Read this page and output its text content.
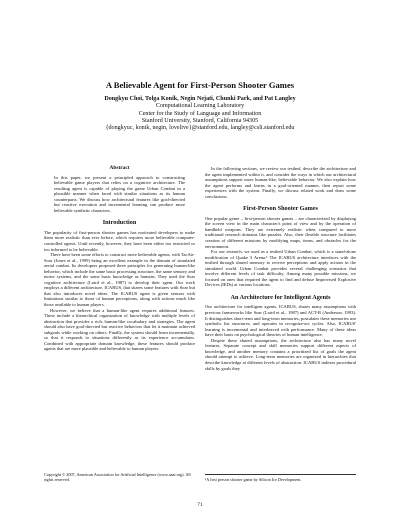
A Believable Agent for First-Person Shooter Games
Dongkyu Choi, Tolga Konik, Negin Nejati, Chunki Park, and Pat Langley
Computational Learning Laboratory
Center for the Study of Language and Information
Stanford University, Stanford, California 94305
{dongkyuc, konik, negin, lovelive}@stanford.edu, langley@csli.stanford.edu
Abstract

In this paper, we present a principled approach to constructing believable game players that relies on a cognitive architecture. The resulting agent is capable of playing the game Urban Combat in a plausible manner when faced with similar situations as its human counterparts. We discuss how architectural features like goal-directed but reactive execution and incremental learning can produce more believable synthetic characters.

Introduction

The popularity of first-person shooter games has motivated developers to make them more realistic than ever before, which requires more believable computer-controlled agents. Until recently, however, they have been either too restricted or too informed to be believable.

There have been some efforts to construct more believable agents, with TacAir-Soar (Jones et al., 1999) being an excellent example in the domain of simulated aerial combat. Its developers proposed three principles for generating human-like behavior, which include the same basic processing structure, the same sensory and motor systems, and the same basic knowledge as humans. They used the Soar cognitive architecture (Laird et al., 1987) to develop their agent. Our work employs a different architecture, ICARUS, that shares some features with Soar but that also introduces novel ideas. The ICARUS agent is given sensors with limitations similar to those of human perceptions, along with actions much like those available to human players.

However, we believe that a human-like agent requires additional features. These include a hierarchical organization of knowledge with multiple levels of abstraction that provides a rich, human-like vocabulary and strategies. The agent should also have goal-directed but reactive behaviors that let it maintain achieved subgoals while working on others. Finally, the system should learn incrementally, so that it responds to situations differently as its experience accumulates. Combined with appropriate domain knowledge, these features should produce agents that are more plausible and believable to human players.

Copyright © 2007, American Association for Artificial Intelligence (www.aaai.org). All rights reserved.

In the following sections, we review our testbed, describe the architecture and the agent implemented within it, and consider the ways in which our architectural assumptions support more human-like, believable behavior. We also explain how the agent performs and learns in a goal-oriented manner, then report some experiences with the system. Finally, we discuss related work and draw some conclusions.

First-Person Shooter Games

One popular genre – first-person shooter games – are characterized by displaying the screen view in the main character's point of view and by the operation of handheld weapons. They are extremely realistic when compared to more traditional research domains like puzzles. Also, their flexible structure facilitates creation of different missions by modifying maps, items, and obstacles for the environment.

For our research, we used as a testbed Urban Combat, which is a stand-alone modification of Quake 3 Arena.¹ The ICARUS architecture interfaces with the testbed through shared memory to receive perceptions and apply actions in the simulated world. Urban Combat provides several challenging scenarios that involve different levels of task difficulty. Among many possible missions, we focused on ones that required the agent to find and defuse Improvised Explosive Devices (IEDs) at various locations.

An Architecture for Intelligent Agents

Our architecture for intelligent agents, ICARUS, shares many assumptions with previous frameworks like Soar (Laird et al., 1987) and ACT-R (Anderson, 1993). It distinguishes short-term and long-term memories, postulates these memories use symbolic list structures, and operates in recognize-act cycles. Also, ICARUS' learning is incremental and interleaved with performance. Many of these ideas have their basis on psychological theories of human intelligence.

Despite these shared assumptions, the architecture also has many novel features. Separate concept and skill memories support different aspects of knowledge, and another memory contains a prioritized list of goals the agent should attempt to achieve. Long-term memories are organized in hierarchies that describe knowledge at different levels of abstraction. ICARUS indexes procedural skills by goals they

¹A first person shooter game by Silicon Ice Development.
71
